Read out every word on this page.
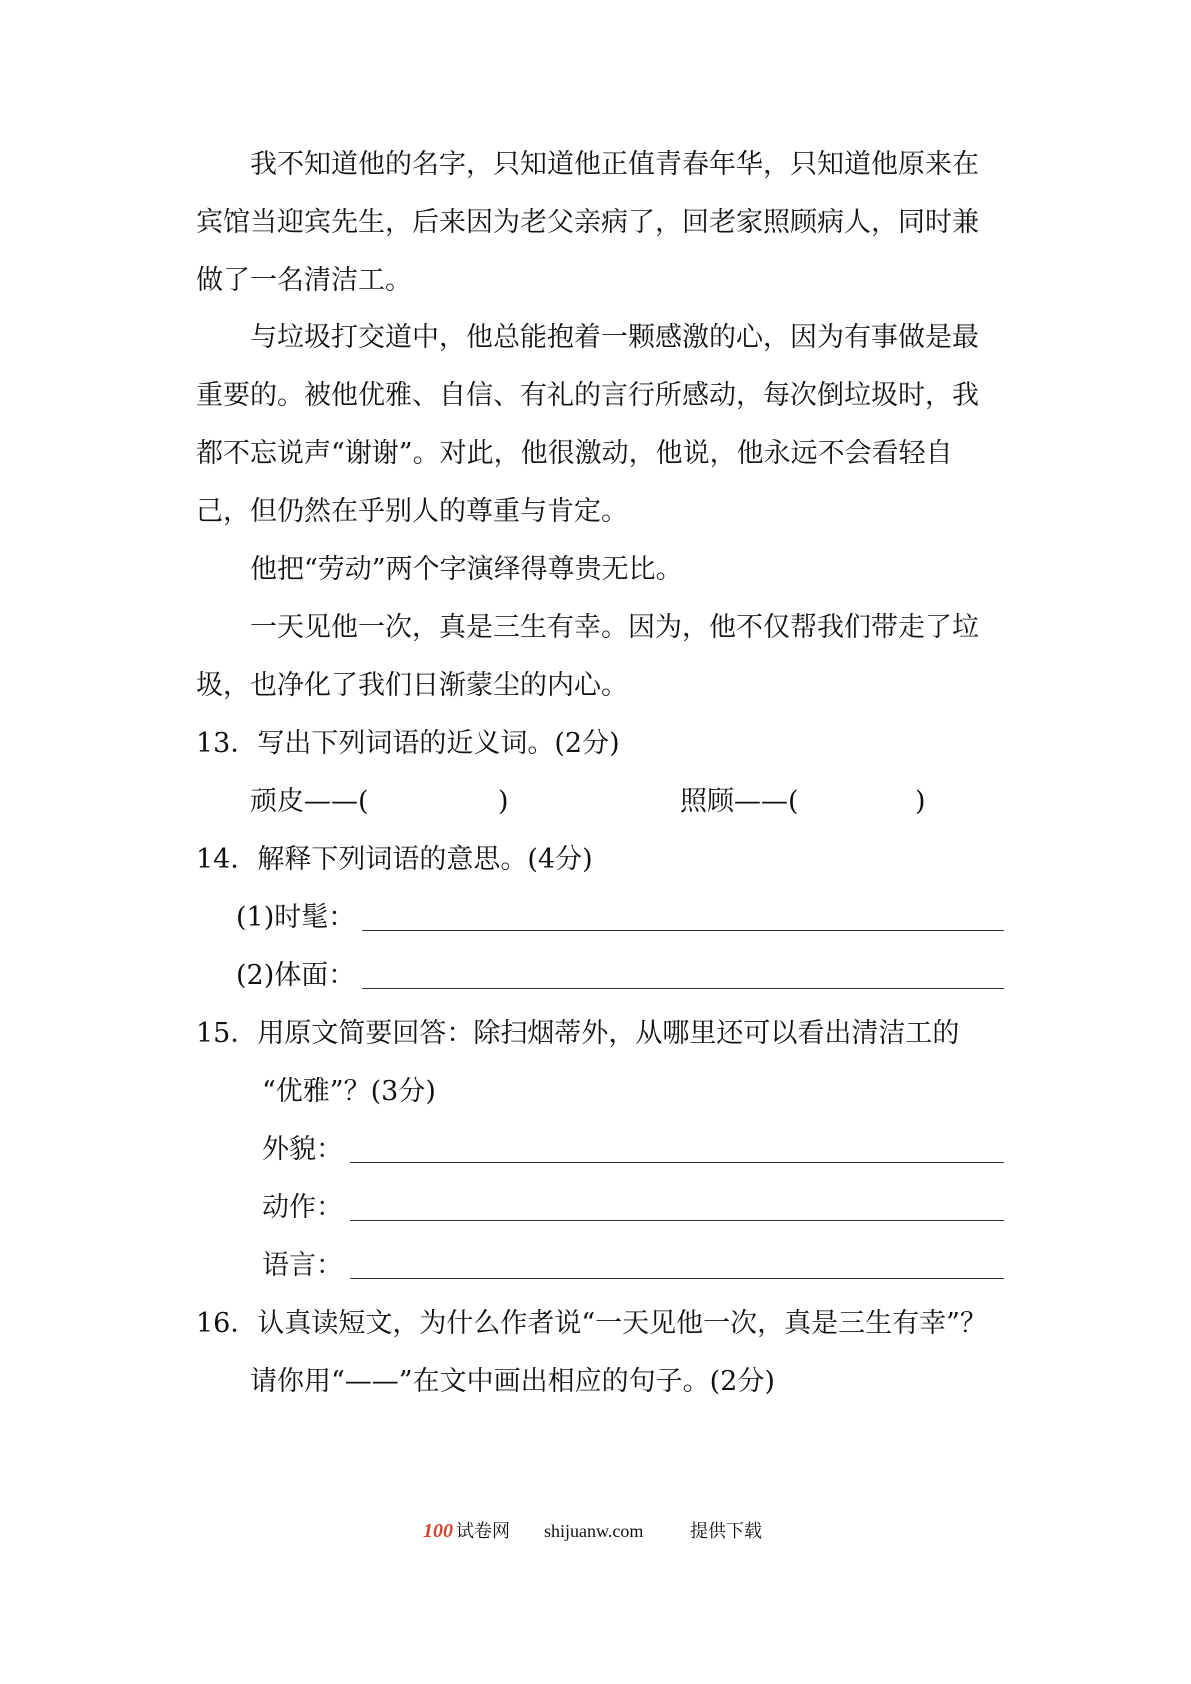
我不知道他的名字，只知道他正值青春年华，只知道他原来在
宾馆当迎宾先生，后来因为老父亲病了，回老家照顾病人，同时兼
做了一名清洁工。
与垃圾打交道中，他总能抱着一颗感激的心，因为有事做是最
重要的。被他优雅、自信、有礼的言行所感动，每次倒垃圾时，我
都不忘说声“谢谢”。对此，他很激动，他说，他永远不会看轻自
己，但仍然在乎别人的尊重与肯定。
他把“劳动”两个字演绎得尊贵无比。
一天见他一次，真是三生有幸。因为，他不仅帮我们带走了垃
圾，也净化了我们日渐蒙尘的内心。
13．写出下列词语的近义词。(2分)
顽皮——(	)	照顾——(	)
14．解释下列词语的意思。(4分)
(1)时髦：
(2)体面：
15．用原文简要回答：除扫烟蒂外，从哪里还可以看出清洁工的
“优雅”？(3分)
外貌：
动作：
语言：
16．认真读短文，为什么作者说“一天见他一次，真是三生有幸”？
请你用“——”在文中画出相应的句子。(2分)
100 试卷网 shijuanw.com	提供下载
